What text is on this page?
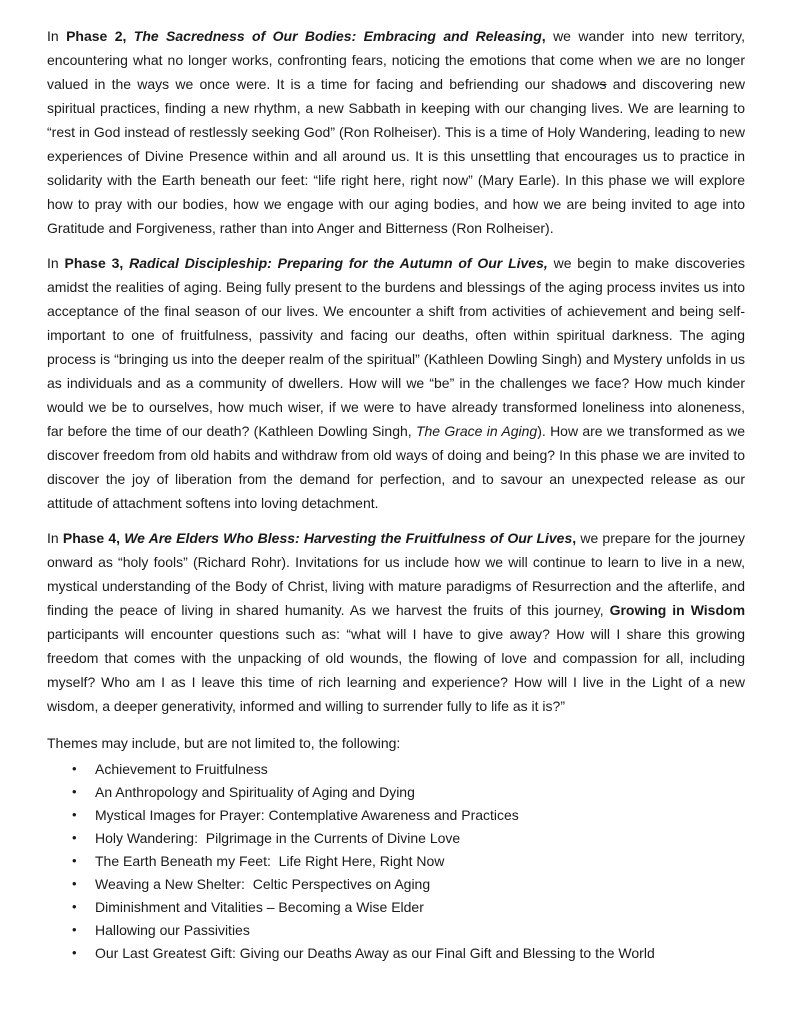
In Phase 2, The Sacredness of Our Bodies: Embracing and Releasing, we wander into new territory, encountering what no longer works, confronting fears, noticing the emotions that come when we are no longer valued in the ways we once were. It is a time for facing and befriending our shadows and discovering new spiritual practices, finding a new rhythm, a new Sabbath in keeping with our changing lives. We are learning to “rest in God instead of restlessly seeking God” (Ron Rolheiser). This is a time of Holy Wandering, leading to new experiences of Divine Presence within and all around us. It is this unsettling that encourages us to practice in solidarity with the Earth beneath our feet: “life right here, right now” (Mary Earle). In this phase we will explore how to pray with our bodies, how we engage with our aging bodies, and how we are being invited to age into Gratitude and Forgiveness, rather than into Anger and Bitterness (Ron Rolheiser).

In Phase 3, Radical Discipleship: Preparing for the Autumn of Our Lives, we begin to make discoveries amidst the realities of aging. Being fully present to the burdens and blessings of the aging process invites us into acceptance of the final season of our lives. We encounter a shift from activities of achievement and being self-important to one of fruitfulness, passivity and facing our deaths, often within spiritual darkness. The aging process is “bringing us into the deeper realm of the spiritual” (Kathleen Dowling Singh) and Mystery unfolds in us as individuals and as a community of dwellers. How will we “be” in the challenges we face? How much kinder would we be to ourselves, how much wiser, if we were to have already transformed loneliness into aloneness, far before the time of our death? (Kathleen Dowling Singh, The Grace in Aging). How are we transformed as we discover freedom from old habits and withdraw from old ways of doing and being? In this phase we are invited to discover the joy of liberation from the demand for perfection, and to savour an unexpected release as our attitude of attachment softens into loving detachment.

In Phase 4, We Are Elders Who Bless: Harvesting the Fruitfulness of Our Lives, we prepare for the journey onward as “holy fools” (Richard Rohr). Invitations for us include how we will continue to learn to live in a new, mystical understanding of the Body of Christ, living with mature paradigms of Resurrection and the afterlife, and finding the peace of living in shared humanity. As we harvest the fruits of this journey, Growing in Wisdom participants will encounter questions such as: “what will I have to give away? How will I share this growing freedom that comes with the unpacking of old wounds, the flowing of love and compassion for all, including myself? Who am I as I leave this time of rich learning and experience? How will I live in the Light of a new wisdom, a deeper generativity, informed and willing to surrender fully to life as it is?”

Themes may include, but are not limited to, the following:

• Achievement to Fruitfulness
• An Anthropology and Spirituality of Aging and Dying
• Mystical Images for Prayer: Contemplative Awareness and Practices
• Holy Wandering:  Pilgrimage in the Currents of Divine Love
• The Earth Beneath my Feet:  Life Right Here, Right Now
• Weaving a New Shelter:  Celtic Perspectives on Aging
• Diminishment and Vitalities – Becoming a Wise Elder
• Hallowing our Passivities
• Our Last Greatest Gift: Giving our Deaths Away as our Final Gift and Blessing to the World
